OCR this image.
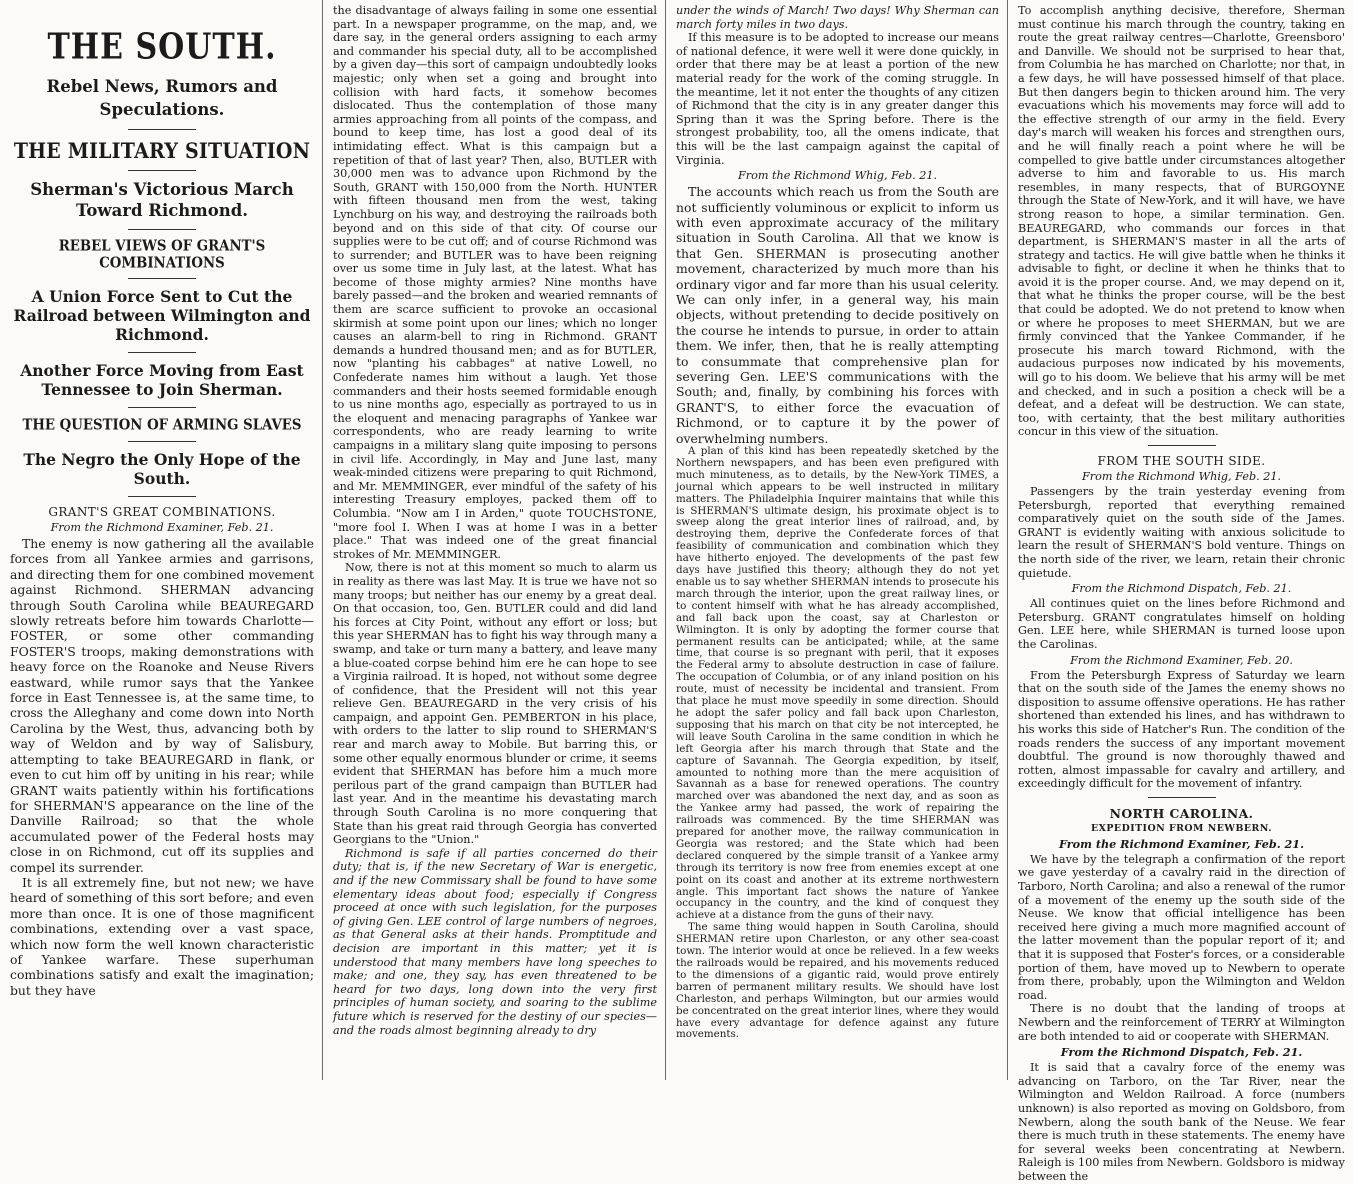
THE SOUTH.
Rebel News, Rumors and Speculations.
THE MILITARY SITUATION
Sherman's Victorious March Toward Richmond.
REBEL VIEWS OF GRANT'S COMBINATIONS
A Union Force Sent to Cut the Railroad between Wilmington and Richmond.
Another Force Moving from East Tennessee to Join Sherman.
THE QUESTION OF ARMING SLAVES
The Negro the Only Hope of the South.
GRANT'S GREAT COMBINATIONS.
From the Richmond Examiner, Feb. 21.

The enemy is now gathering all the available forces from all Yankee armies and garrisons, and directing them for one combined movement against Richmond. SHERMAN advancing through South Carolina while BEAUREGARD slowly retreats before him towards Charlotte—FOSTER, or some other commanding FOSTER'S troops, making demonstrations with heavy force on the Roanoke and Neuse Rivers eastward, while rumor says that the Yankee force in East Tennessee is, at the same time, to cross the Alleghany and come down into North Carolina by the West, thus, advancing both by way of Weldon and by way of Salisbury, attempting to take BEAUREGARD in flank, or even to cut him off by uniting in his rear; while GRANT waits patiently within his fortifications for SHERMAN'S appearance on the line of the Danville Railroad; so that the whole accumulated power of the Federal hosts may close in on Richmond, cut off its supplies and compel its surrender.

It is all extremely fine, but not new; we have heard of something of this sort before; and even more than once. It is one of those magnificent combinations, extending over a vast space, which now form the well known characteristic of Yankee warfare. These superhuman combinations satisfy and exalt the imagination; but they have

the disadvantage of always failing in some one essential part. In a newspaper programme, on the map, and, we dare say, in the general orders assigning to each army and commander his special duty, all to be accomplished by a given day—this sort of campaign undoubtedly looks majestic; only when set a going and brought into collision with hard facts, it somehow becomes dislocated. Thus the contemplation of those many armies approaching from all points of the compass, and bound to keep time, has lost a good deal of its intimidating effect. What is this campaign but a repetition of that of last year? Then, also, BUTLER with 30,000 men was to advance upon Richmond by the South, GRANT with 150,000 from the North. HUNTER with fifteen thousand men from the west, taking Lynchburg on his way, and destroying the railroads both beyond and on this side of that city. Of course our supplies were to be cut off; and of course Richmond was to surrender; and BUTLER was to have been reigning over us some time in July last, at the latest. What has become of those mighty armies? Nine months have barely passed—and the broken and wearied remnants of them are scarce sufficient to provoke an occasional skirmish at some point upon our lines; which no longer causes an alarm-bell to ring in Richmond. GRANT demands a hundred thousand men; and as for BUTLER, now "planting his cabbages" at native Lowell, no Confederate names him without a laugh. Yet those commanders and their hosts seemed formidable enough to us nine months ago, especially as portrayed to us in the eloquent and menacing paragraphs of Yankee war correspondents, who are ready learning to write campaigns in a military slang quite imposing to persons in civil life. Accordingly, in May and June last, many weak-minded citizens were preparing to quit Richmond, and Mr. MEMMINGER, ever mindful of the safety of his interesting Treasury employes, packed them off to Columbia. "Now am I in Arden," quote TOUCHSTONE, "more fool I. When I was at home I was in a better place." That was indeed one of the great financial strokes of Mr. MEMMINGER.

Now, there is not at this moment so much to alarm us in reality as there was last May. It is true we have not so many troops; but neither has our enemy by a great deal. On that occasion, too, Gen. BUTLER could and did land his forces at City Point, without any effort or loss; but this year SHERMAN has to fight his way through many a swamp, and take or turn many a battery, and leave many a blue-coated corpse behind him ere he can hope to see a Virginia railroad. It is hoped, not without some degree of confidence, that the President will not this year relieve Gen. BEAUREGARD in the very crisis of his campaign, and appoint Gen. PEMBERTON in his place, with orders to the latter to slip round to SHERMAN'S rear and march away to Mobile. But barring this, or some other equally enormous blunder or crime, it seems evident that SHERMAN has before him a much more perilous part of the grand campaign than BUTLER had last year. And in the meantime his devastating march through South Carolina is no more conquering that State than his great raid through Georgia has converted Georgians to the "Union."

Richmond is safe if all parties concerned do their duty; that is, if the new Secretary of War is energetic, and if the new Commissary shall be found to have some elementary ideas about food; especially if Congress proceed at once with such legislation, for the purposes of giving Gen. LEE control of large numbers of negroes, as that General asks at their hands. Promptitude and decision are important in this matter; yet it is understood that many members have long speeches to make; and one, they say, has even threatened to be heard for two days, long down into the very first principles of human society, and soaring to the sublime future which is reserved for the destiny of our species—and the roads almost beginning already to dry

under the winds of March! Two days! Why Sherman can march forty miles in two days.

If this measure is to be adopted to increase our means of national defence, it were well it were done quickly, in order that there may be at least a portion of the new material ready for the work of the coming struggle. In the meantime, let it not enter the thoughts of any citizen of Richmond that the city is in any greater danger this Spring than it was the Spring before. There is the strongest probability, too, all the omens indicate, that this will be the last campaign against the capital of Virginia.

From the Richmond Whig, Feb. 21.

The accounts which reach us from the South are not sufficiently voluminous or explicit to inform us with even approximate accuracy of the military situation in South Carolina. All that we know is that Gen. SHERMAN is prosecuting another movement, characterized by much more than his ordinary vigor and far more than his usual celerity. We can only infer, in a general way, his main objects, without pretending to decide positively on the course he intends to pursue, in order to attain them. We infer, then, that he is really attempting to consummate that comprehensive plan for severing Gen. LEE'S communications with the South; and, finally, by combining his forces with GRANT'S, to either force the evacuation of Richmond, or to capture it by the power of overwhelming numbers.

A plan of this kind has been repeatedly sketched by the Northern newspapers, and has been even prefigured with much minuteness, as to details, by the New-York TIMES, a journal which appears to be well instructed in military matters. The Philadelphia Inquirer maintains that while this is SHERMAN'S ultimate design, his proximate object is to sweep along the great interior lines of railroad, and, by destroying them, deprive the Confederate forces of that feasibility of communication and combination which they have hitherto enjoyed. The developments of the past few days have justified this theory; although they do not yet enable us to say whether SHERMAN intends to prosecute his march through the interior, upon the great railway lines, or to content himself with what he has already accomplished, and fall back upon the coast, say at Charleston or Wilmington. It is only by adopting the former course that permanent results can be anticipated; while, at the same time, that course is so pregnant with peril, that it exposes the Federal army to absolute destruction in case of failure. The occupation of Columbia, or of any inland position on his route, must of necessity be incidental and transient. From that place he must move speedily in some direction. Should he adopt the safer policy and fall back upon Charleston, supposing that his march on that city be not intercepted, he will leave South Carolina in the same condition in which he left Georgia after his march through that State and the capture of Savannah. The Georgia expedition, by itself, amounted to nothing more than the mere acquisition of Savannah as a base for renewed operations. The country marched over was abandoned the next day, and as soon as the Yankee army had passed, the work of repairing the railroads was commenced. By the time SHERMAN was prepared for another move, the railway communication in Georgia was restored; and the State which had been declared conquered by the simple transit of a Yankee army through its territory is now free from enemies except at one point on its coast and another at its extreme northwestern angle. This important fact shows the nature of Yankee occupancy in the country, and the kind of conquest they achieve at a distance from the guns of their navy.

The same thing would happen in South Carolina, should SHERMAN retire upon Charleston, or any other sea-coast town. The interior would at once be relieved. In a few weeks the railroads would be repaired, and his movements reduced to the dimensions of a gigantic raid, would prove entirely barren of permanent military results. We should have lost Charleston, and perhaps Wilmington, but our armies would be concentrated on the great interior lines, where they would have every advantage for defence against any future movements.

To accomplish anything decisive, therefore, Sherman must continue his march through the country, taking en route the great railway centres—Charlotte, Greensboro' and Danville. We should not be surprised to hear that, from Columbia he has marched on Charlotte; nor that, in a few days, he will have possessed himself of that place. But then dangers begin to thicken around him. The very evacuations which his movements may force will add to the effective strength of our army in the field. Every day's march will weaken his forces and strengthen ours, and he will finally reach a point where he will be compelled to give battle under circumstances altogether adverse to him and favorable to us. His march resembles, in many respects, that of BURGOYNE through the State of New-York, and it will have, we have strong reason to hope, a similar termination. Gen. BEAUREGARD, who commands our forces in that department, is SHERMAN'S master in all the arts of strategy and tactics. He will give battle when he thinks it advisable to fight, or decline it when he thinks that to avoid it is the proper course. And, we may depend on it, that what he thinks the proper course, will be the best that could be adopted. We do not pretend to know when or where he proposes to meet SHERMAN, but we are firmly convinced that the Yankee Commander, if he prosecute his march toward Richmond, with the audacious purposes now indicated by his movements, will go to his doom. We believe that his army will be met and checked, and in such a position a check will be a defeat, and a defeat will be destruction. We can state, too, with certainty, that the best military authorities concur in this view of the situation.

FROM THE SOUTH SIDE.
From the Richmond Whig, Feb. 21.

Passengers by the train yesterday evening from Petersburgh, reported that everything remained comparatively quiet on the south side of the James. GRANT is evidently waiting with anxious solicitude to learn the result of SHERMAN'S bold venture. Things on the north side of the river, we learn, retain their chronic quietude.

From the Richmond Dispatch, Feb. 21.

All continues quiet on the lines before Richmond and Petersburg. GRANT congratulates himself on holding Gen. LEE here, while SHERMAN is turned loose upon the Carolinas.

From the Richmond Examiner, Feb. 20.

From the Petersburgh Express of Saturday we learn that on the south side of the James the enemy shows no disposition to assume offensive operations. He has rather shortened than extended his lines, and has withdrawn to his works this side of Hatcher's Run. The condition of the roads renders the success of any important movement doubtful. The ground is now thoroughly thawed and rotten, almost impassable for cavalry and artillery, and exceedingly difficult for the movement of infantry.

NORTH CAROLINA.
EXPEDITION FROM NEWBERN.
From the Richmond Examiner, Feb. 21.

We have by the telegraph a confirmation of the report we gave yesterday of a cavalry raid in the direction of Tarboro, North Carolina; and also a renewal of the rumor of a movement of the enemy up the south side of the Neuse. We know that official intelligence has been received here giving a much more magnified account of the latter movement than the popular report of it; and that it is supposed that Foster's forces, or a considerable portion of them, have moved up to Newbern to operate from there, probably, upon the Wilmington and Weldon road.

There is no doubt that the landing of troops at Newbern and the reinforcement of TERRY at Wilmington are both intended to aid or cooperate with SHERMAN.

From the Richmond Dispatch, Feb. 21.

It is said that a cavalry force of the enemy was advancing on Tarboro, on the Tar River, near the Wilmington and Weldon Railroad. A force (numbers unknown) is also reported as moving on Goldsboro, from Newbern, along the south bank of the Neuse. We fear there is much truth in these statements. The enemy have for several weeks been concentrating at Newbern. Raleigh is 100 miles from Newbern. Goldsboro is midway between the
